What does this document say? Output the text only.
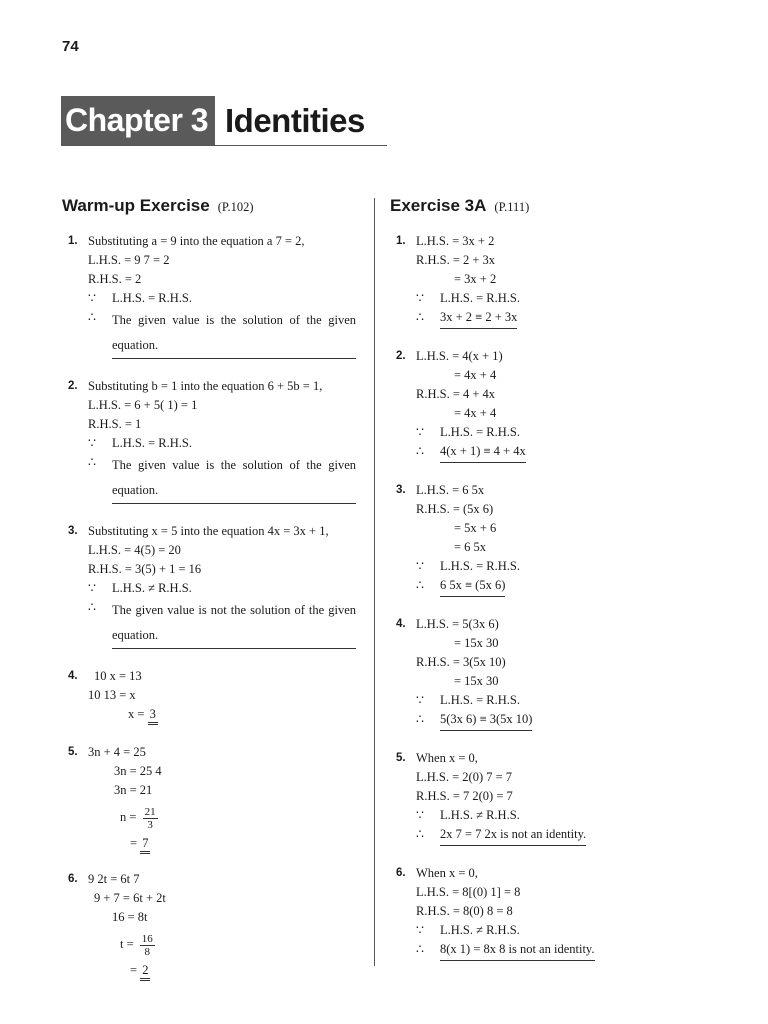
74
Chapter 3 Identities
Warm-up Exercise (P.102)
1. Substituting a = 9 into the equation a 7 = 2,
L.H.S. = 9 7 = 2
R.H.S. = 2
∵	L.H.S. = R.H.S.
∴	The given value is the solution of the given equation.
2. Substituting b = 1 into the equation 6 + 5b = 1,
L.H.S. = 6 + 5( 1) = 1
R.H.S. = 1
∵	L.H.S. = R.H.S.
∴	The given value is the solution of the given equation.
3. Substituting x = 5 into the equation 4x = 3x + 1,
L.H.S. = 4(5) = 20
R.H.S. = 3(5) + 1 = 16
∵	L.H.S. ≠ R.H.S.
∴	The given value is not the solution of the given equation.
4.	10 x = 13
10 13 = x
x = 3
5. 3n + 4 = 25
3n = 25 4
3n = 21
$n = \frac{21}{3}$
= 7
6. 9 2t = 6t 7
9 + 7 = 6t + 2t
16 = 8t
$t = \frac{16}{8}$
= 2
Exercise 3A (P.111)
1. L.H.S. = 3x + 2
R.H.S. = 2 + 3x
= 3x + 2
∵	L.H.S. = R.H.S.
∴	3x + 2 ≡ 2 + 3x
2. L.H.S. = 4(x + 1)
= 4x + 4
R.H.S. = 4 + 4x
= 4x + 4
∵	L.H.S. = R.H.S.
∴	4(x + 1) ≡ 4 + 4x
3. L.H.S. = 6 5x
R.H.S. = (5x 6)
= 5x + 6
= 6 5x
∵	L.H.S. = R.H.S.
∴	6 5x ≡ (5x 6)
4. L.H.S. = 5(3x 6)
= 15x 30
R.H.S. = 3(5x 10)
= 15x 30
∵	L.H.S. = R.H.S.
∴	5(3x 6) ≡ 3(5x 10)
5. When x = 0,
L.H.S. = 2(0) 7 = 7
R.H.S. = 7 2(0) = 7
∵	L.H.S. ≠ R.H.S.
∴	2x 7 = 7 2x is not an identity.
6. When x = 0,
L.H.S. = 8[(0) 1] = 8
R.H.S. = 8(0) 8 = 8
∵	L.H.S. ≠ R.H.S.
∴	8(x 1) = 8x 8 is not an identity.
